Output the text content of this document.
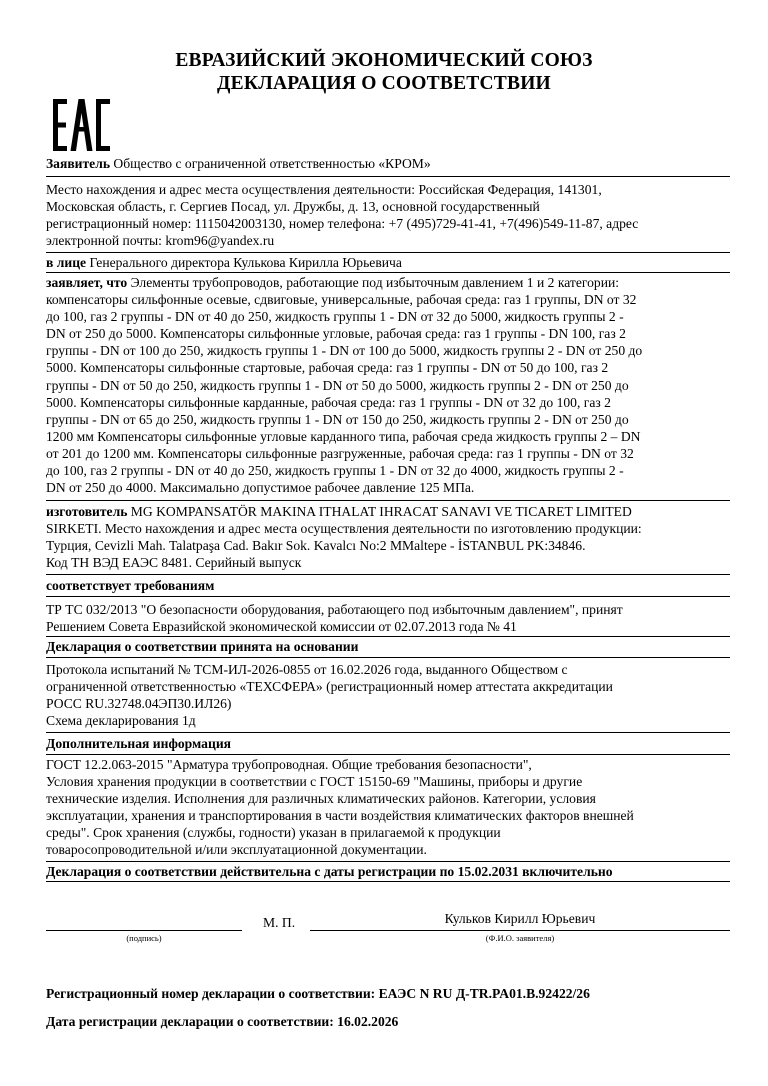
ЕВРАЗИЙСКИЙ ЭКОНОМИЧЕСКИЙ СОЮЗ
ДЕКЛАРАЦИЯ О СООТВЕТСТВИИ
Заявитель Общество с ограниченной ответственностью «КРОМ»
Место нахождения и адрес места осуществления деятельности: Российская Федерация, 141301,
Московская область, г. Сергиев Посад, ул. Дружбы, д. 13, основной государственный
регистрационный номер: 1115042003130, номер телефона: +7 (495)729-41-41, +7(496)549-11-87, адрес
электронной почты: krom96@yandex.ru
в лице Генерального директора Кулькова Кирилла Юрьевича
заявляет, что Элементы трубопроводов, работающие под избыточным давлением 1 и 2 категории:
компенсаторы сильфонные осевые, сдвиговые, универсальные, рабочая среда: газ 1 группы, DN от 32
до 100, газ 2 группы - DN от 40 до 250, жидкость группы 1 - DN от 32 до 5000, жидкость группы 2 -
DN от 250 до 5000. Компенсаторы сильфонные угловые, рабочая среда: газ 1 группы - DN 100, газ 2
группы - DN от 100 до 250, жидкость группы 1 - DN от 100 до 5000, жидкость группы 2 - DN от 250 до
5000. Компенсаторы сильфонные стартовые, рабочая среда: газ 1 группы - DN от 50 до 100, газ 2
группы - DN от 50 до 250, жидкость группы 1 - DN от 50 до 5000, жидкость группы 2 - DN от 250 до
5000. Компенсаторы сильфонные карданные, рабочая среда: газ 1 группы - DN от 32 до 100, газ 2
группы - DN от 65 до 250, жидкость группы 1 - DN от 150 до 250, жидкость группы 2 - DN от 250 до
1200 мм Компенсаторы сильфонные угловые карданного типа, рабочая среда жидкость группы 2 – DN
от 201 до 1200 мм. Компенсаторы сильфонные разгруженные, рабочая среда: газ 1 группы - DN от 32
до 100, газ 2 группы - DN от 40 до 250, жидкость группы 1 - DN от 32 до 4000, жидкость группы 2 -
DN от 250 до 4000. Максимально допустимое рабочее давление 125 МПа.
изготовитель MG KOMPANSATÖR MAKINA ITHALAT IHRACAT SANAVI VE TICARET LIMITED
SIRKETI. Место нахождения и адрес места осуществления деятельности по изготовлению продукции:
Турция, Cevizli Mah. Talatpaşa Cad. Bakır Sok. Kavalcı No:2 MMaltepe - İSTANBUL PK:34846.
Код ТН ВЭД ЕАЭС 8481. Серийный выпуск
соответствует требованиям
ТР ТС 032/2013 "О безопасности оборудования, работающего под избыточным давлением", принят
Решением Совета Евразийской экономической комиссии от 02.07.2013 года № 41
Декларация о соответствии принята на основании
Протокола испытаний № ТСМ-ИЛ-2026-0855 от 16.02.2026 года, выданного Обществом с
ограниченной ответственностью «ТЕХСФЕРА» (регистрационный номер аттестата аккредитации
РОСС RU.32748.04ЭП30.ИЛ26)
Схема декларирования 1д
Дополнительная информация
ГОСТ 12.2.063-2015 "Арматура трубопроводная. Общие требования безопасности",
Условия хранения продукции в соответствии с ГОСТ 15150-69 "Машины, приборы и другие
технические изделия. Исполнения для различных климатических районов. Категории, условия
эксплуатации, хранения и транспортирования в части воздействия климатических факторов внешней
среды". Срок хранения (службы, годности) указан в прилагаемой к продукции
товаросопроводительной и/или эксплуатационной документации.
Декларация о соответствии действительна с даты регистрации по 15.02.2031 включительно
(подпись)
М. П.	Кульков Кирилл Юрьевич
(Ф.И.О. заявителя)
Регистрационный номер декларации о соответствии: ЕАЭС N RU Д-TR.PA01.B.92422/26
Дата регистрации декларации о соответствии: 16.02.2026
